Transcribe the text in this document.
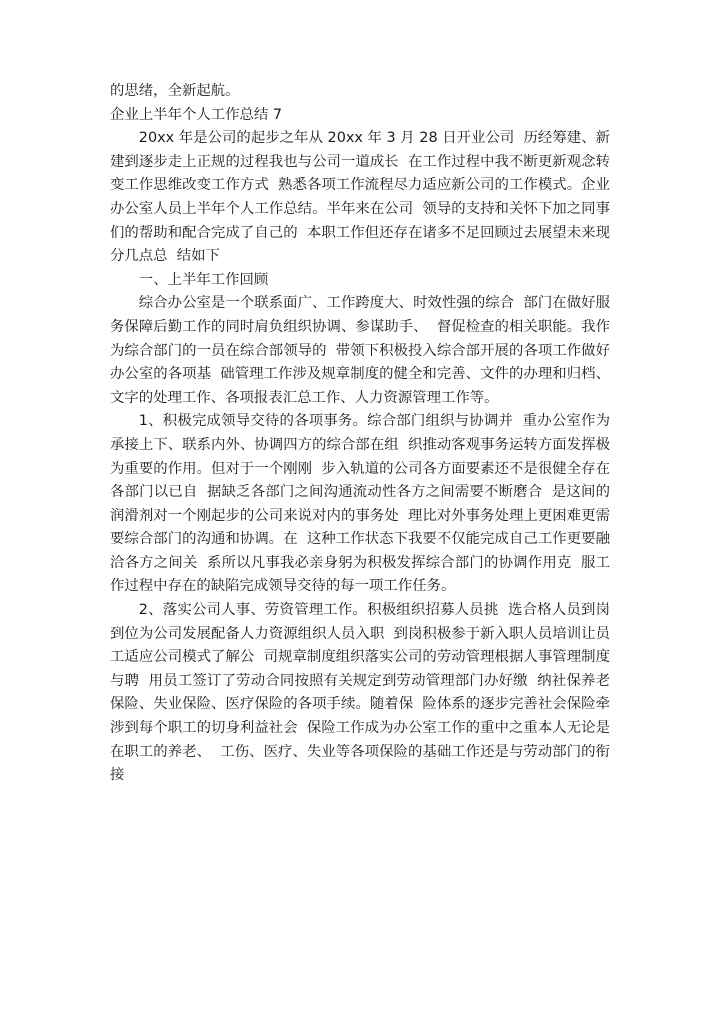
的思绪，全新起航。

企业上半年个人工作总结 7

20xx 年是公司的起步之年从 20xx 年 3 月 28 日开业公司  历经筹建、新建到逐步走上正规的过程我也与公司一道成长  在工作过程中我不断更新观念转变工作思维改变工作方式  熟悉各项工作流程尽力适应新公司的工作模式。企业办公室人员上半年个人工作总结。半年来在公司  领导的支持和关怀下加之同事们的帮助和配合完成了自己的  本职工作但还存在诸多不足回顾过去展望未来现分几点总  结如下

一、上半年工作回顾

综合办公室是一个联系面广、工作跨度大、时效性强的综合  部门在做好服务保障后勤工作的同时肩负组织协调、参谋助手、  督促检查的相关职能。我作为综合部门的一员在综合部领导的  带领下积极投入综合部开展的各项工作做好办公室的各项基  础管理工作涉及规章制度的健全和完善、文件的办理和归档、文字的处理工作、各项报表汇总工作、人力资源管理工作等。

1、积极完成领导交待的各项事务。综合部门组织与协调并  重办公室作为承接上下、联系内外、协调四方的综合部在组  织推动客观事务运转方面发挥极为重要的作用。但对于一个刚刚  步入轨道的公司各方面要素还不是很健全存在各部门以已自  据缺乏各部门之间沟通流动性各方之间需要不断磨合  是这间的润滑剂对一个刚起步的公司来说对内的事务处  理比对外事务处理上更困难更需要综合部门的沟通和协调。在  这种工作状态下我要不仅能完成自己工作更要融洽各方之间关  系所以凡事我必亲身躬为积极发挥综合部门的协调作用克  服工作过程中存在的缺陷完成领导交待的每一项工作任务。

2、落实公司人事、劳资管理工作。积极组织招募人员挑  选合格人员到岗到位为公司发展配备人力资源组织人员入职  到岗积极参于新入职人员培训让员工适应公司模式了解公  司规章制度组织落实公司的劳动管理根据人事管理制度与聘  用员工签订了劳动合同按照有关规定到劳动管理部门办好缴  纳社保养老保险、失业保险、医疗保险的各项手续。随着保  险体系的逐步完善社会保险牵涉到每个职工的切身利益社会  保险工作成为办公室工作的重中之重本人无论是在职工的养老、  工伤、医疗、失业等各项保险的基础工作还是与劳动部门的衔接
